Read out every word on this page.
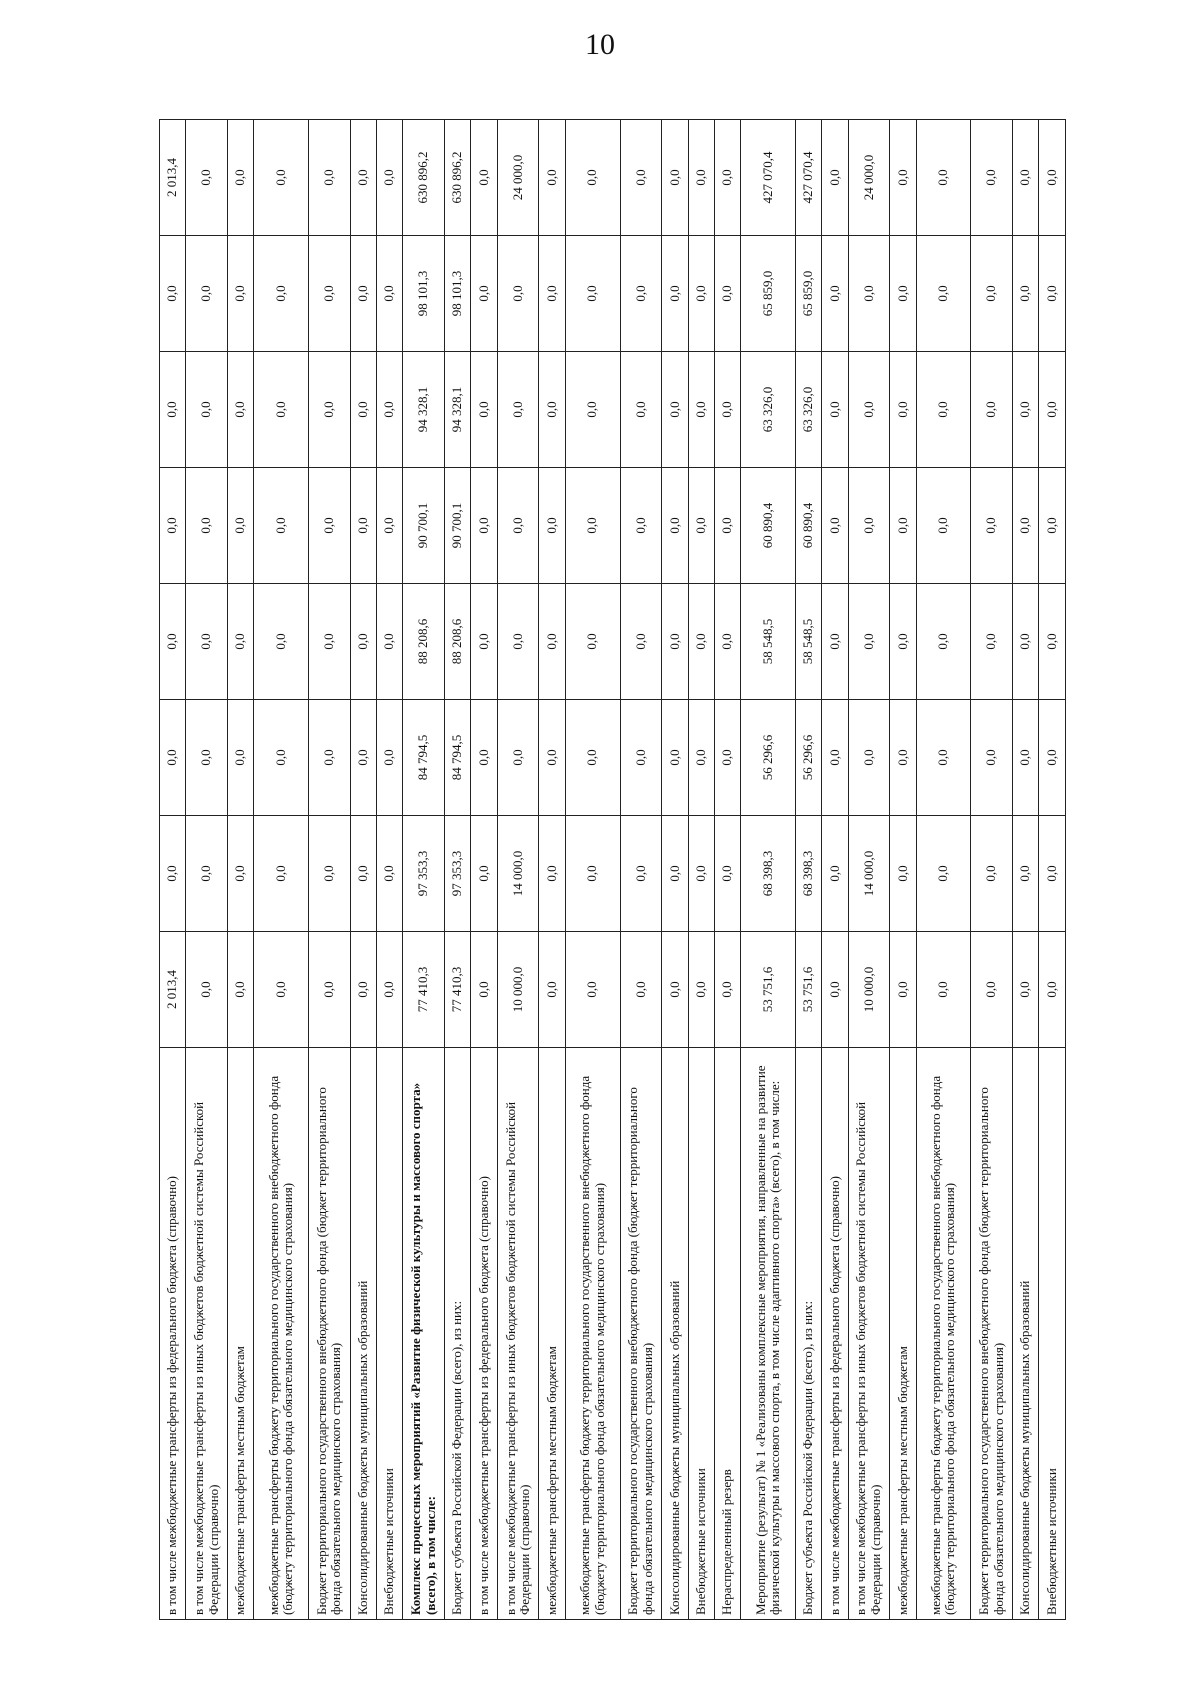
10
в том числе межбюджетные трансферты из федерального бюджета (справочно)	2 013,4	0,0	0,0	0,0	0,0	0,0	0,0	2 013,4
в том числе межбюджетные трансферты из иных бюджетов бюджетной системы Российской Федерации (справочно)	0,0	0,0	0,0	0,0	0,0	0,0	0,0	0,0
межбюджетные трансферты местным бюджетам	0,0	0,0	0,0	0,0	0,0	0,0	0,0	0,0
межбюджетные трансферты бюджету территориального государственного внебюджетного фонда (бюджету территориального фонда обязательного медицинского страхования)	0,0	0,0	0,0	0,0	0,0	0,0	0,0	0,0
Бюджет территориального государственного внебюджетного фонда (бюджет территориального фонда обязательного медицинского страхования)	0,0	0,0	0,0	0,0	0,0	0,0	0,0	0,0
Консолидированные бюджеты муниципальных образований	0,0	0,0	0,0	0,0	0,0	0,0	0,0	0,0
Внебюджетные источники	0,0	0,0	0,0	0,0	0,0	0,0	0,0	0,0
Комплекс процессных мероприятий «Развитие физической культуры и массового спорта» (всего), в том числе:	77 410,3	97 353,3	84 794,5	88 208,6	90 700,1	94 328,1	98 101,3	630 896,2
Бюджет субъекта Российской Федерации (всего), из них:	77 410,3	97 353,3	84 794,5	88 208,6	90 700,1	94 328,1	98 101,3	630 896,2
в том числе межбюджетные трансферты из федерального бюджета (справочно)	0,0	0,0	0,0	0,0	0,0	0,0	0,0	0,0
в том числе межбюджетные трансферты из иных бюджетов бюджетной системы Российской Федерации (справочно)	10 000,0	14 000,0	0,0	0,0	0,0	0,0	0,0	24 000,0
межбюджетные трансферты местным бюджетам	0,0	0,0	0,0	0,0	0,0	0,0	0,0	0,0
межбюджетные трансферты бюджету территориального государственного внебюджетного фонда (бюджету территориального фонда обязательного медицинского страхования)	0,0	0,0	0,0	0,0	0,0	0,0	0,0	0,0
Бюджет территориального государственного внебюджетного фонда (бюджет территориального фонда обязательного медицинского страхования)	0,0	0,0	0,0	0,0	0,0	0,0	0,0	0,0
Консолидированные бюджеты муниципальных образований	0,0	0,0	0,0	0,0	0,0	0,0	0,0	0,0
Внебюджетные источники	0,0	0,0	0,0	0,0	0,0	0,0	0,0	0,0
Нераспределенный резерв	0,0	0,0	0,0	0,0	0,0	0,0	0,0	0,0
Мероприятие (результат) № 1 «Реализованы комплексные мероприятия, направленные на развитие физической культуры и массового спорта, в том числе адаптивного спорта» (всего), в том числе:	53 751,6	68 398,3	56 296,6	58 548,5	60 890,4	63 326,0	65 859,0	427 070,4
Бюджет субъекта Российской Федерации (всего), из них:	53 751,6	68 398,3	56 296,6	58 548,5	60 890,4	63 326,0	65 859,0	427 070,4
в том числе межбюджетные трансферты из федерального бюджета (справочно)	0,0	0,0	0,0	0,0	0,0	0,0	0,0	0,0
в том числе межбюджетные трансферты из иных бюджетов бюджетной системы Российской Федерации (справочно)	10 000,0	14 000,0	0,0	0,0	0,0	0,0	0,0	24 000,0
межбюджетные трансферты местным бюджетам	0,0	0,0	0,0	0,0	0,0	0,0	0,0	0,0
межбюджетные трансферты бюджету территориального государственного внебюджетного фонда (бюджету территориального фонда обязательного медицинского страхования)	0,0	0,0	0,0	0,0	0,0	0,0	0,0	0,0
Бюджет территориального государственного внебюджетного фонда (бюджет территориального фонда обязательного медицинского страхования)	0,0	0,0	0,0	0,0	0,0	0,0	0,0	0,0
Консолидированные бюджеты муниципальных образований	0,0	0,0	0,0	0,0	0,0	0,0	0,0	0,0
Внебюджетные источники	0,0	0,0	0,0	0,0	0,0	0,0	0,0	0,0
